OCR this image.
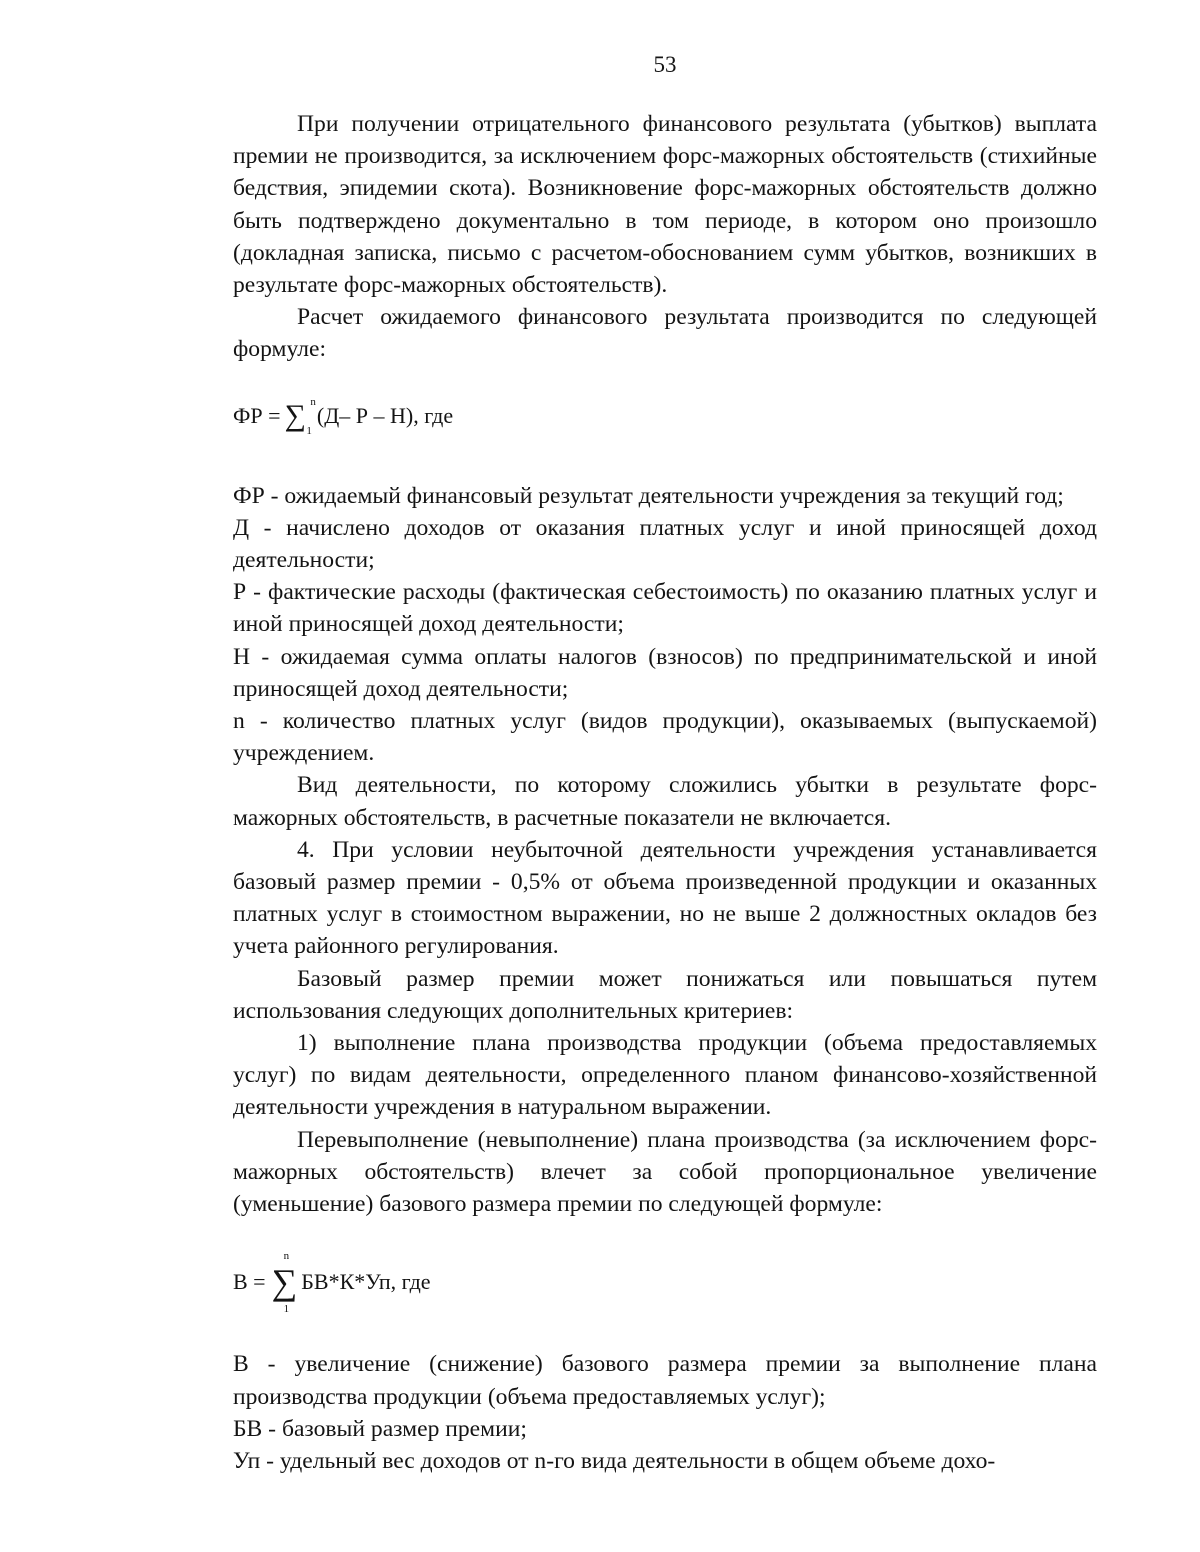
53

При получении отрицательного финансового результата (убытков) выплата премии не производится, за исключением форс-мажорных обстоятельств (стихийные бедствия, эпидемии скота). Возникновение форс-мажорных обстоятельств должно быть подтверждено документально в том периоде, в котором оно произошло (докладная записка, письмо с расчетом-обоснованием сумм убытков, возникших в результате форс-мажорных обстоятельств).

Расчет ожидаемого финансового результата производится по следующей формуле:

ФР = ∑ n
1
(Д– Р – Н), где

ФР - ожидаемый финансовый результат деятельности учреждения за текущий год;

Д - начислено доходов от оказания платных услуг и иной приносящей доход деятельности;

Р - фактические расходы (фактическая себестоимость) по оказанию платных услуг и иной приносящей доход деятельности;

Н - ожидаемая сумма оплаты налогов (взносов) по предпринимательской и иной приносящей доход деятельности;

n - количество платных услуг (видов продукции), оказываемых (выпускаемой) учреждением.

Вид деятельности, по которому сложились убытки в результате форс-мажорных обстоятельств, в расчетные показатели не включается.

4. При условии неубыточной деятельности учреждения устанавливается базовый размер премии - 0,5% от объема произведенной продукции и оказанных платных услуг в стоимостном выражении, но не выше 2 должностных окладов без учета районного регулирования.

Базовый размер премии может понижаться или повышаться путем использования следующих дополнительных критериев:

1) выполнение плана производства продукции (объема предоставляемых услуг) по видам деятельности, определенного планом финансово-хозяйственной деятельности учреждения в натуральном выражении.

Перевыполнение (невыполнение) плана производства (за исключением форс-мажорных обстоятельств) влечет за собой пропорциональное увеличение (уменьшение) базового размера премии по следующей формуле:

В = ∑
n
1
БВ*К*Уп, где

В - увеличение (снижение) базового размера премии за выполнение плана производства продукции (объема предоставляемых услуг);

БВ - базовый размер премии;

Уп - удельный вес доходов от n-го вида деятельности в общем объеме дохо-
